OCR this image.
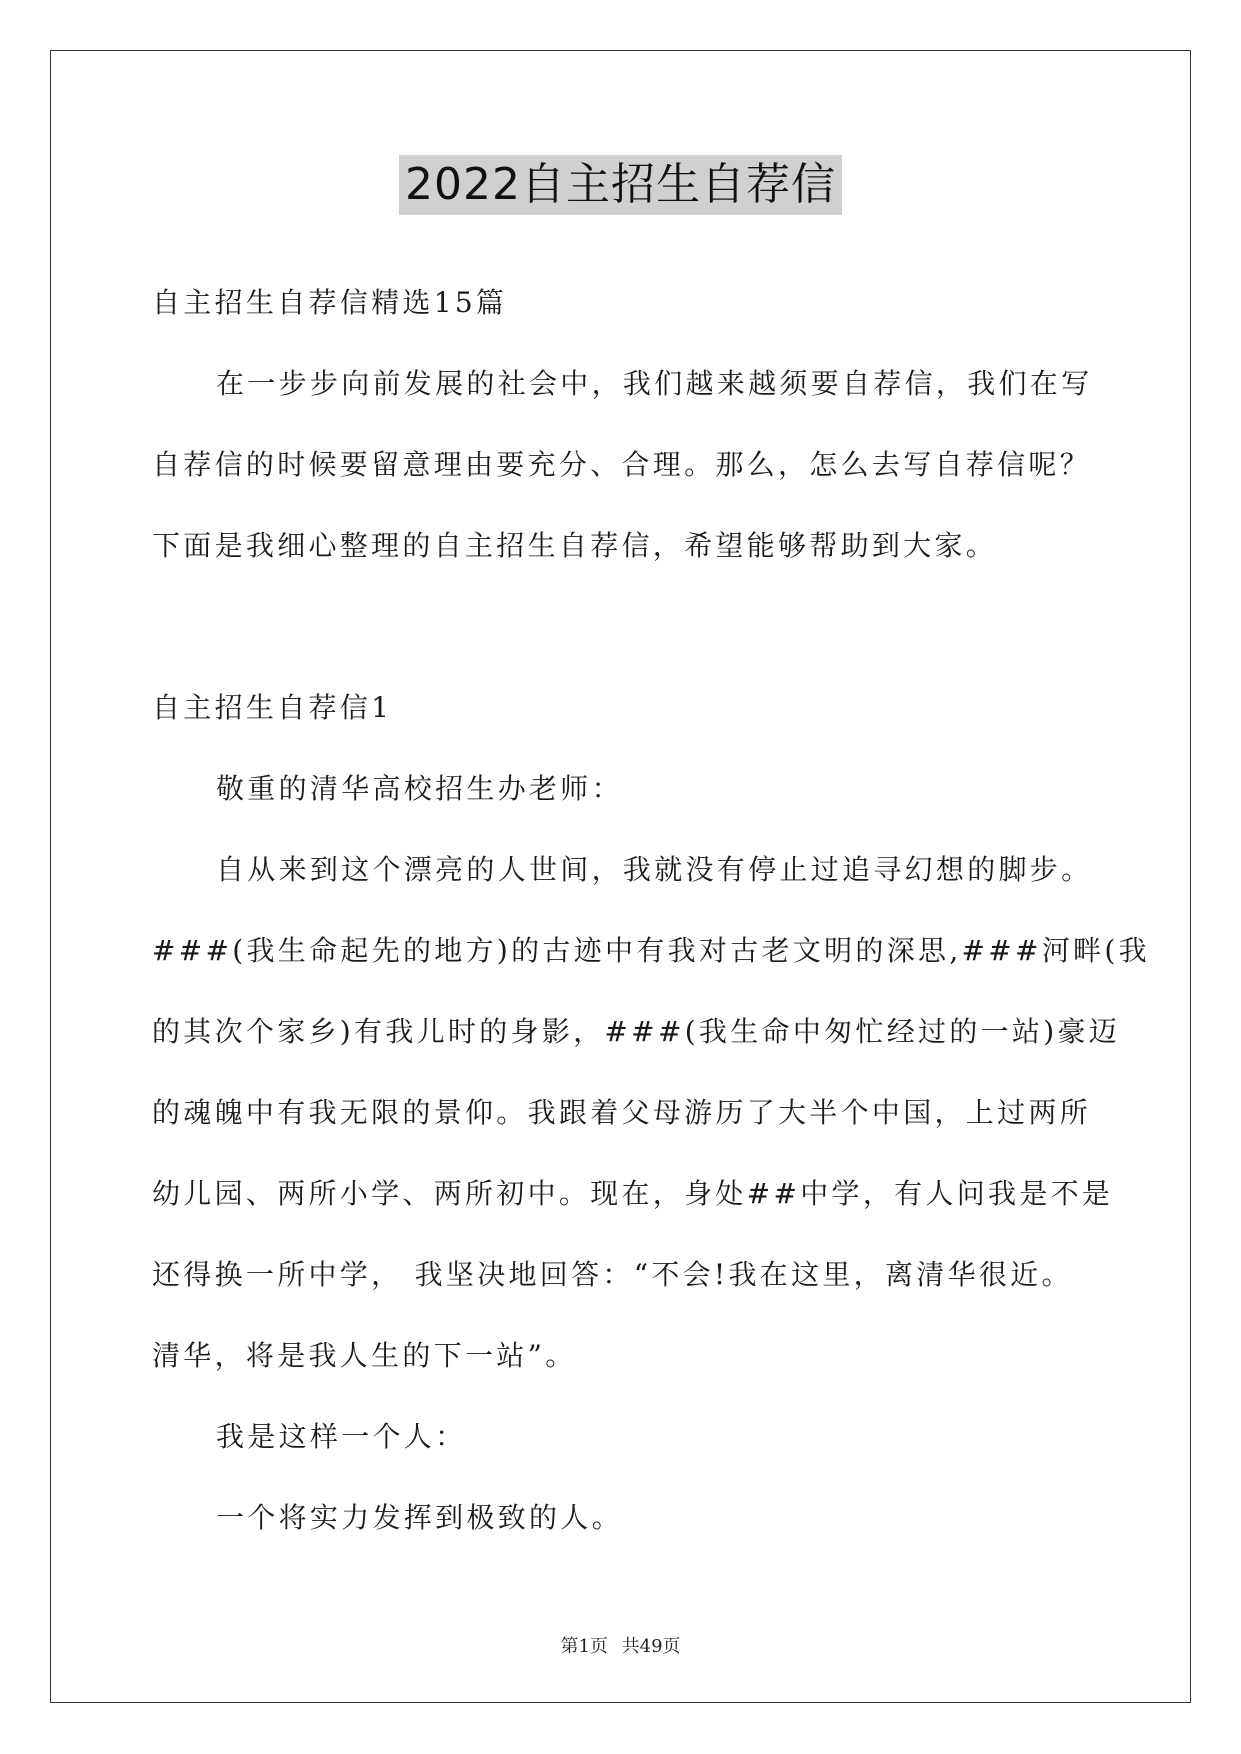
2022自主招生自荐信

自主招生自荐信精选15篇

在一步步向前发展的社会中，我们越来越须要自荐信，我们在写

自荐信的时候要留意理由要充分、合理。那么，怎么去写自荐信呢？

下面是我细心整理的自主招生自荐信，希望能够帮助到大家。

自主招生自荐信1

敬重的清华高校招生办老师：

自从来到这个漂亮的人世间，我就没有停止过追寻幻想的脚步。

###(我生命起先的地方)的古迹中有我对古老文明的深思,###河畔(我

的其次个家乡)有我儿时的身影，###(我生命中匆忙经过的一站)豪迈

的魂魄中有我无限的景仰。我跟着父母游历了大半个中国，上过两所

幼儿园、两所小学、两所初中。现在，身处##中学，有人问我是不是

还得换一所中学， 我坚决地回答：“不会!我在这里，离清华很近。

清华，将是我人生的下一站”。

我是这样一个人：

一个将实力发挥到极致的人。

第1页 共49页
